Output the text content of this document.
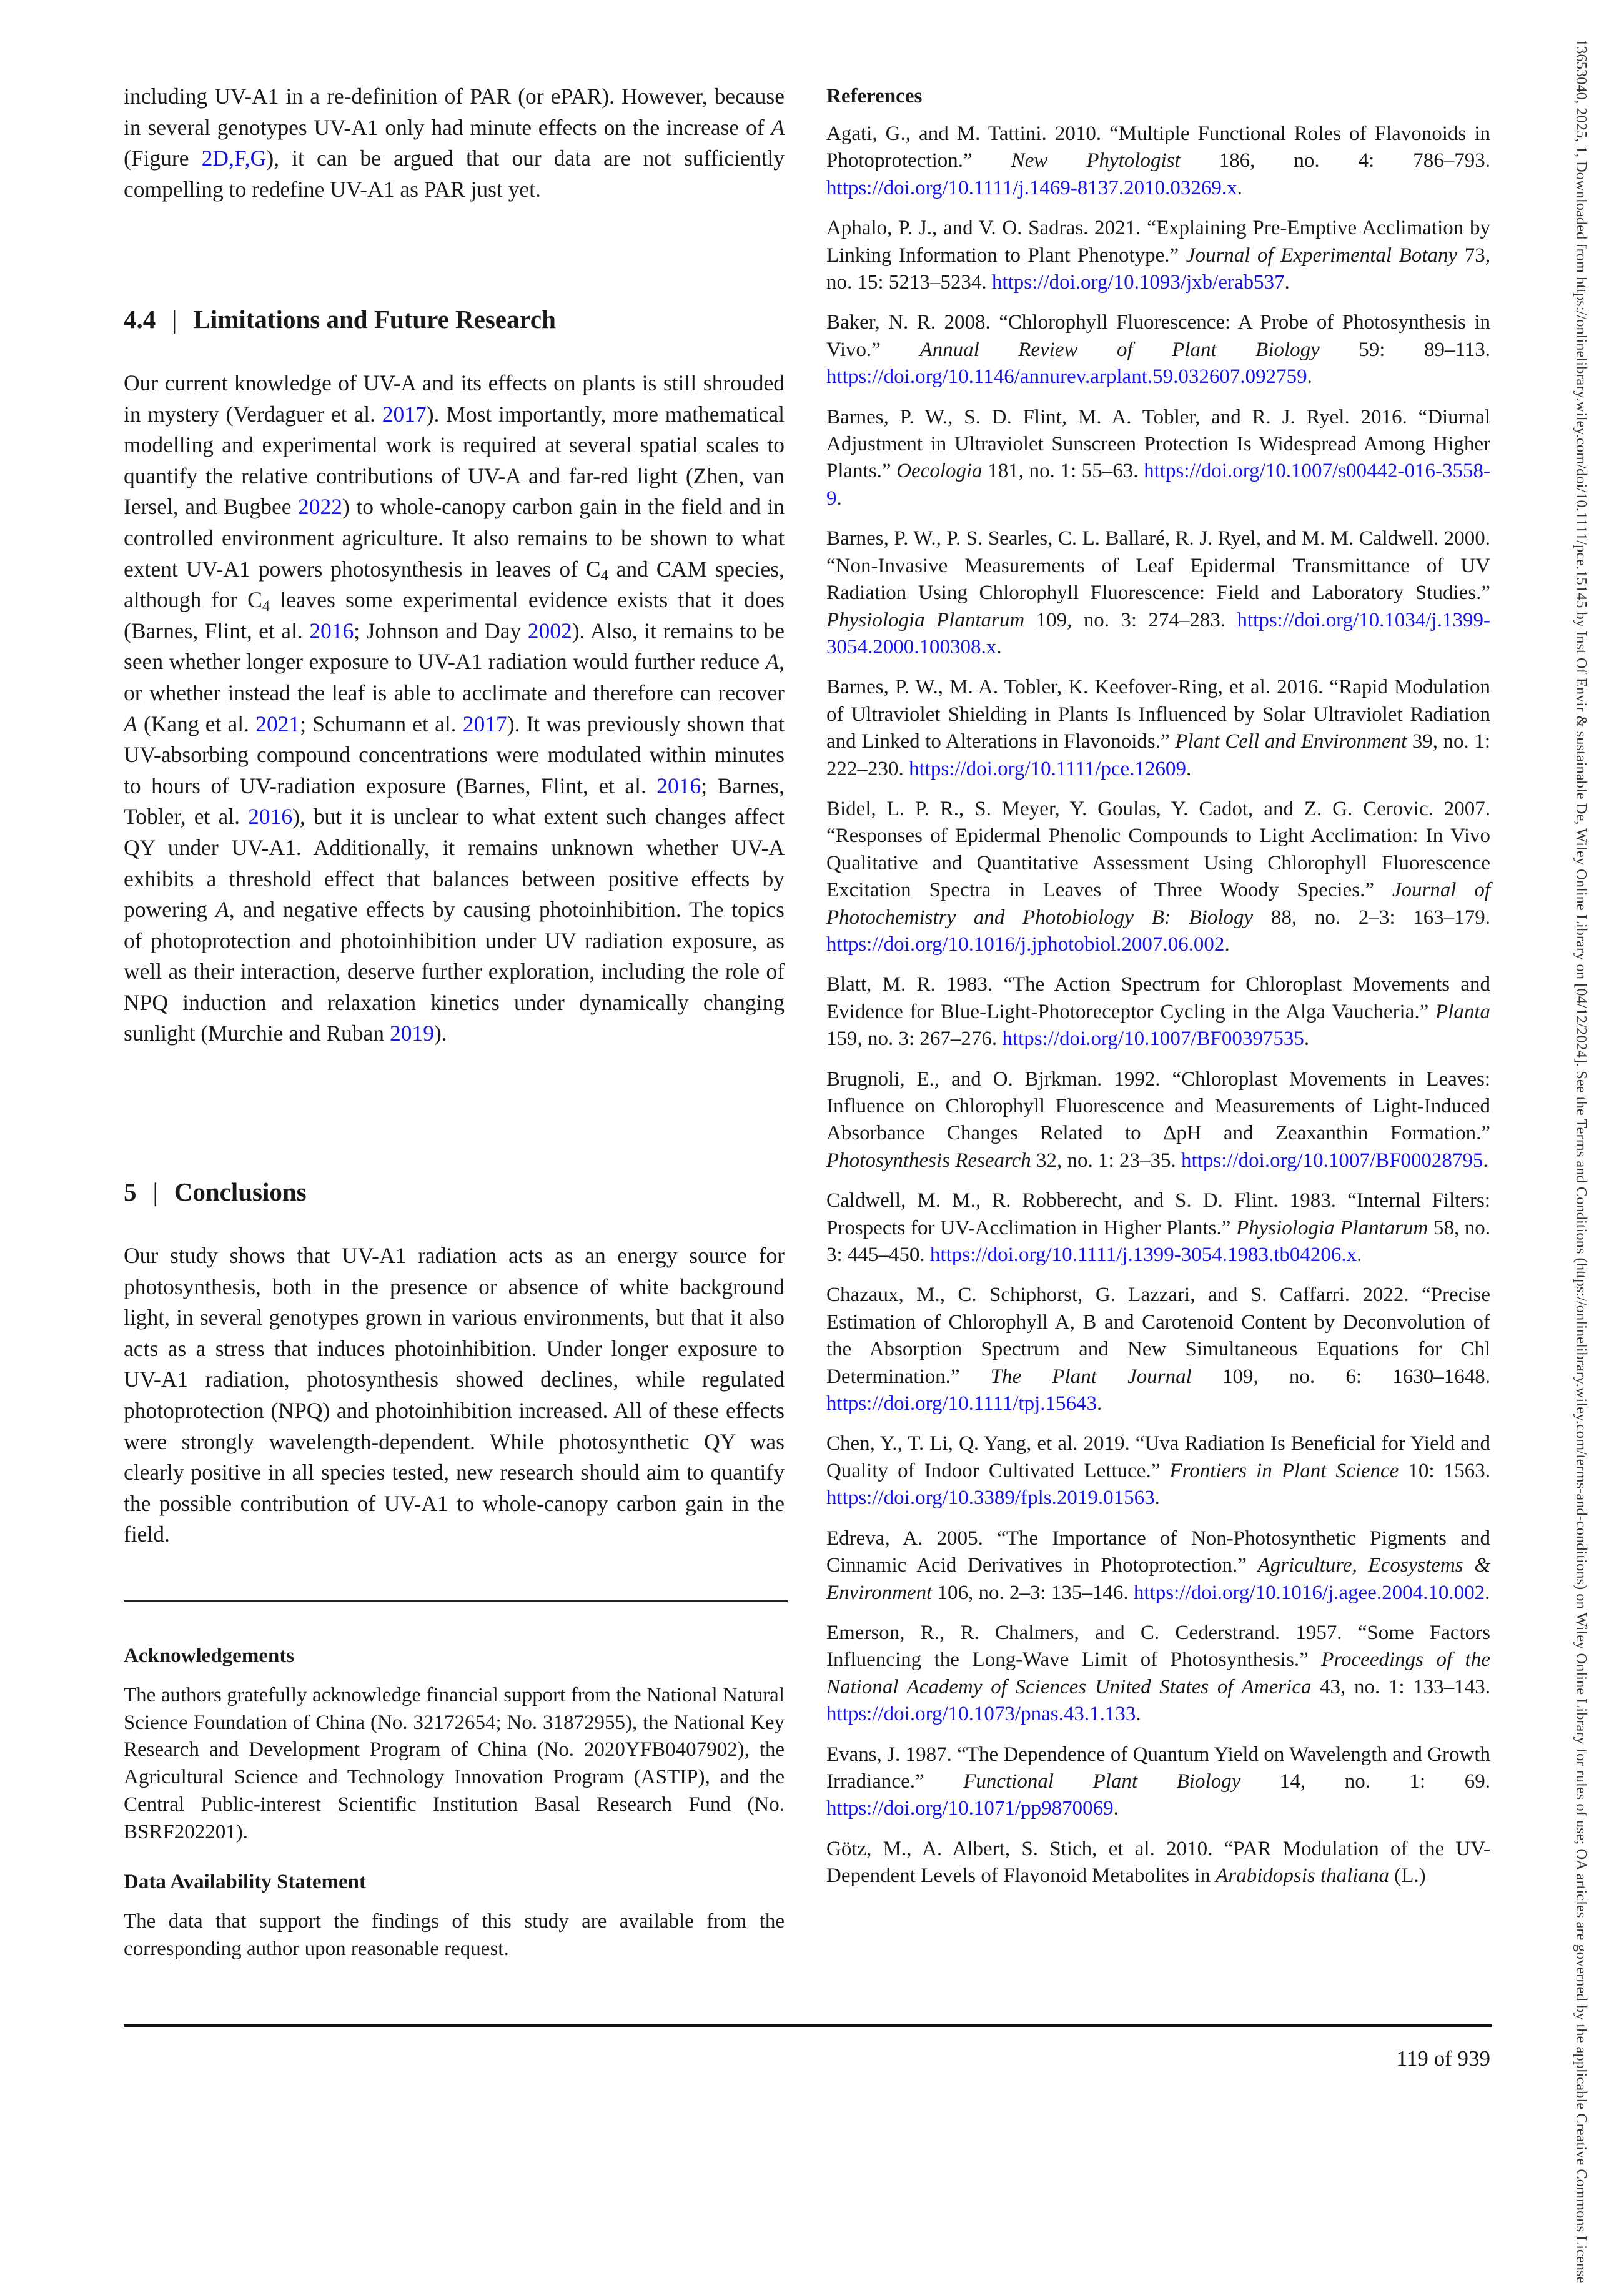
including UV-A1 in a re-definition of PAR (or ePAR). However, because in several genotypes UV-A1 only had minute effects on the increase of A (Figure 2D,F,G), it can be argued that our data are not sufficiently compelling to redefine UV-A1 as PAR just yet.

4.4 | Limitations and Future Research

Our current knowledge of UV-A and its effects on plants is still shrouded in mystery (Verdaguer et al. 2017). Most importantly, more mathematical modelling and experimental work is required at several spatial scales to quantify the relative contributions of UV-A and far-red light (Zhen, van Iersel, and Bugbee 2022) to whole-canopy carbon gain in the field and in controlled environment agriculture. It also remains to be shown to what extent UV-A1 powers photosynthesis in leaves of $C_4$ and CAM species, although for $C_4$ leaves some experimental evidence exists that it does (Barnes, Flint, et al. 2016; Johnson and Day 2002). Also, it remains to be seen whether longer exposure to UV-A1 radiation would further reduce A, or whether instead the leaf is able to acclimate and therefore can recover A (Kang et al. 2021; Schumann et al. 2017). It was previously shown that UV-absorbing compound concentrations were modulated within minutes to hours of UV-radiation exposure (Barnes, Flint, et al. 2016; Barnes, Tobler, et al. 2016), but it is unclear to what extent such changes affect QY under UV-A1. Additionally, it remains unknown whether UV-A exhibits a threshold effect that balances between positive effects by powering A, and negative effects by causing photoinhibition. The topics of photoprotection and photoinhibition under UV radiation exposure, as well as their interaction, deserve further exploration, including the role of NPQ induction and relaxation kinetics under dynamically changing sunlight (Murchie and Ruban 2019).

5 | Conclusions

Our study shows that UV-A1 radiation acts as an energy source for photosynthesis, both in the presence or absence of white background light, in several genotypes grown in various environments, but that it also acts as a stress that induces photoinhibition. Under longer exposure to UV-A1 radiation, photosynthesis showed declines, while regulated photoprotection (NPQ) and photoinhibition increased. All of these effects were strongly wavelength-dependent. While photosynthetic QY was clearly positive in all species tested, new research should aim to quantify the possible contribution of UV-A1 to whole-canopy carbon gain in the field.

Acknowledgements

The authors gratefully acknowledge financial support from the National Natural Science Foundation of China (No. 32172654; No. 31872955), the National Key Research and Development Program of China (No. 2020YFB0407902), the Agricultural Science and Technology Innovation Program (ASTIP), and the Central Public-interest Scientific Institution Basal Research Fund (No. BSRF202201).

Data Availability Statement

The data that support the findings of this study are available from the corresponding author upon reasonable request.

References

Agati, G., and M. Tattini. 2010. “Multiple Functional Roles of Flavonoids in Photoprotection.” New Phytologist 186, no. 4: 786–793. https://doi.org/10.1111/j.1469-8137.2010.03269.x.

Aphalo, P. J., and V. O. Sadras. 2021. “Explaining Pre-Emptive Acclimation by Linking Information to Plant Phenotype.” Journal of Experimental Botany 73, no. 15: 5213–5234. https://doi.org/10.1093/jxb/erab537.

Baker, N. R. 2008. “Chlorophyll Fluorescence: A Probe of Photosynthesis in Vivo.” Annual Review of Plant Biology 59: 89–113. https://doi.org/10.1146/annurev.arplant.59.032607.092759.

Barnes, P. W., S. D. Flint, M. A. Tobler, and R. J. Ryel. 2016. “Diurnal Adjustment in Ultraviolet Sunscreen Protection Is Widespread Among Higher Plants.” Oecologia 181, no. 1: 55–63. https://doi.org/10.1007/s00442-016-3558-9.

Barnes, P. W., P. S. Searles, C. L. Ballaré, R. J. Ryel, and M. M. Caldwell. 2000. “Non-Invasive Measurements of Leaf Epidermal Transmittance of UV Radiation Using Chlorophyll Fluorescence: Field and Laboratory Studies.” Physiologia Plantarum 109, no. 3: 274–283. https://doi.org/10.1034/j.1399-3054.2000.100308.x.

Barnes, P. W., M. A. Tobler, K. Keefover-Ring, et al. 2016. “Rapid Modulation of Ultraviolet Shielding in Plants Is Influenced by Solar Ultraviolet Radiation and Linked to Alterations in Flavonoids.” Plant Cell and Environment 39, no. 1: 222–230. https://doi.org/10.1111/pce.12609.

Bidel, L. P. R., S. Meyer, Y. Goulas, Y. Cadot, and Z. G. Cerovic. 2007. “Responses of Epidermal Phenolic Compounds to Light Acclimation: In Vivo Qualitative and Quantitative Assessment Using Chlorophyll Fluorescence Excitation Spectra in Leaves of Three Woody Species.” Journal of Photochemistry and Photobiology B: Biology 88, no. 2–3: 163–179. https://doi.org/10.1016/j.jphotobiol.2007.06.002.

Blatt, M. R. 1983. “The Action Spectrum for Chloroplast Movements and Evidence for Blue-Light-Photoreceptor Cycling in the Alga Vaucheria.” Planta 159, no. 3: 267–276. https://doi.org/10.1007/BF00397535.

Brugnoli, E., and O. Bjrkman. 1992. “Chloroplast Movements in Leaves: Influence on Chlorophyll Fluorescence and Measurements of Light-Induced Absorbance Changes Related to ΔpH and Zeaxanthin Formation.” Photosynthesis Research 32, no. 1: 23–35. https://doi.org/10.1007/BF00028795.

Caldwell, M. M., R. Robberecht, and S. D. Flint. 1983. “Internal Filters: Prospects for UV-Acclimation in Higher Plants.” Physiologia Plantarum 58, no. 3: 445–450. https://doi.org/10.1111/j.1399-3054.1983.tb04206.x.

Chazaux, M., C. Schiphorst, G. Lazzari, and S. Caffarri. 2022. “Precise Estimation of Chlorophyll A, B and Carotenoid Content by Deconvolution of the Absorption Spectrum and New Simultaneous Equations for Chl Determination.” The Plant Journal 109, no. 6: 1630–1648. https://doi.org/10.1111/tpj.15643.

Chen, Y., T. Li, Q. Yang, et al. 2019. “Uva Radiation Is Beneficial for Yield and Quality of Indoor Cultivated Lettuce.” Frontiers in Plant Science 10: 1563. https://doi.org/10.3389/fpls.2019.01563.

Edreva, A. 2005. “The Importance of Non-Photosynthetic Pigments and Cinnamic Acid Derivatives in Photoprotection.” Agriculture, Ecosystems & Environment 106, no. 2–3: 135–146. https://doi.org/10.1016/j.agee.2004.10.002.

Emerson, R., R. Chalmers, and C. Cederstrand. 1957. “Some Factors Influencing the Long-Wave Limit of Photosynthesis.” Proceedings of the National Academy of Sciences United States of America 43, no. 1: 133–143. https://doi.org/10.1073/pnas.43.1.133.

Evans, J. 1987. “The Dependence of Quantum Yield on Wavelength and Growth Irradiance.” Functional Plant Biology 14, no. 1: 69. https://doi.org/10.1071/pp9870069.

Götz, M., A. Albert, S. Stich, et al. 2010. “PAR Modulation of the UV-Dependent Levels of Flavonoid Metabolites in Arabidopsis thaliana (L.)

119 of 939	13653040, 2025, 1, Downloaded from https://onlinelibrary.wiley.com/doi/10.1111/pce.15145 by Inst Of Envir & sustainable De, Wiley Online Library on [04/12/2024]. See the Terms and Conditions (https://onlinelibrary.wiley.com/terms-and-conditions) on Wiley Online Library for rules of use; OA articles are governed by the applicable Creative Commons License
